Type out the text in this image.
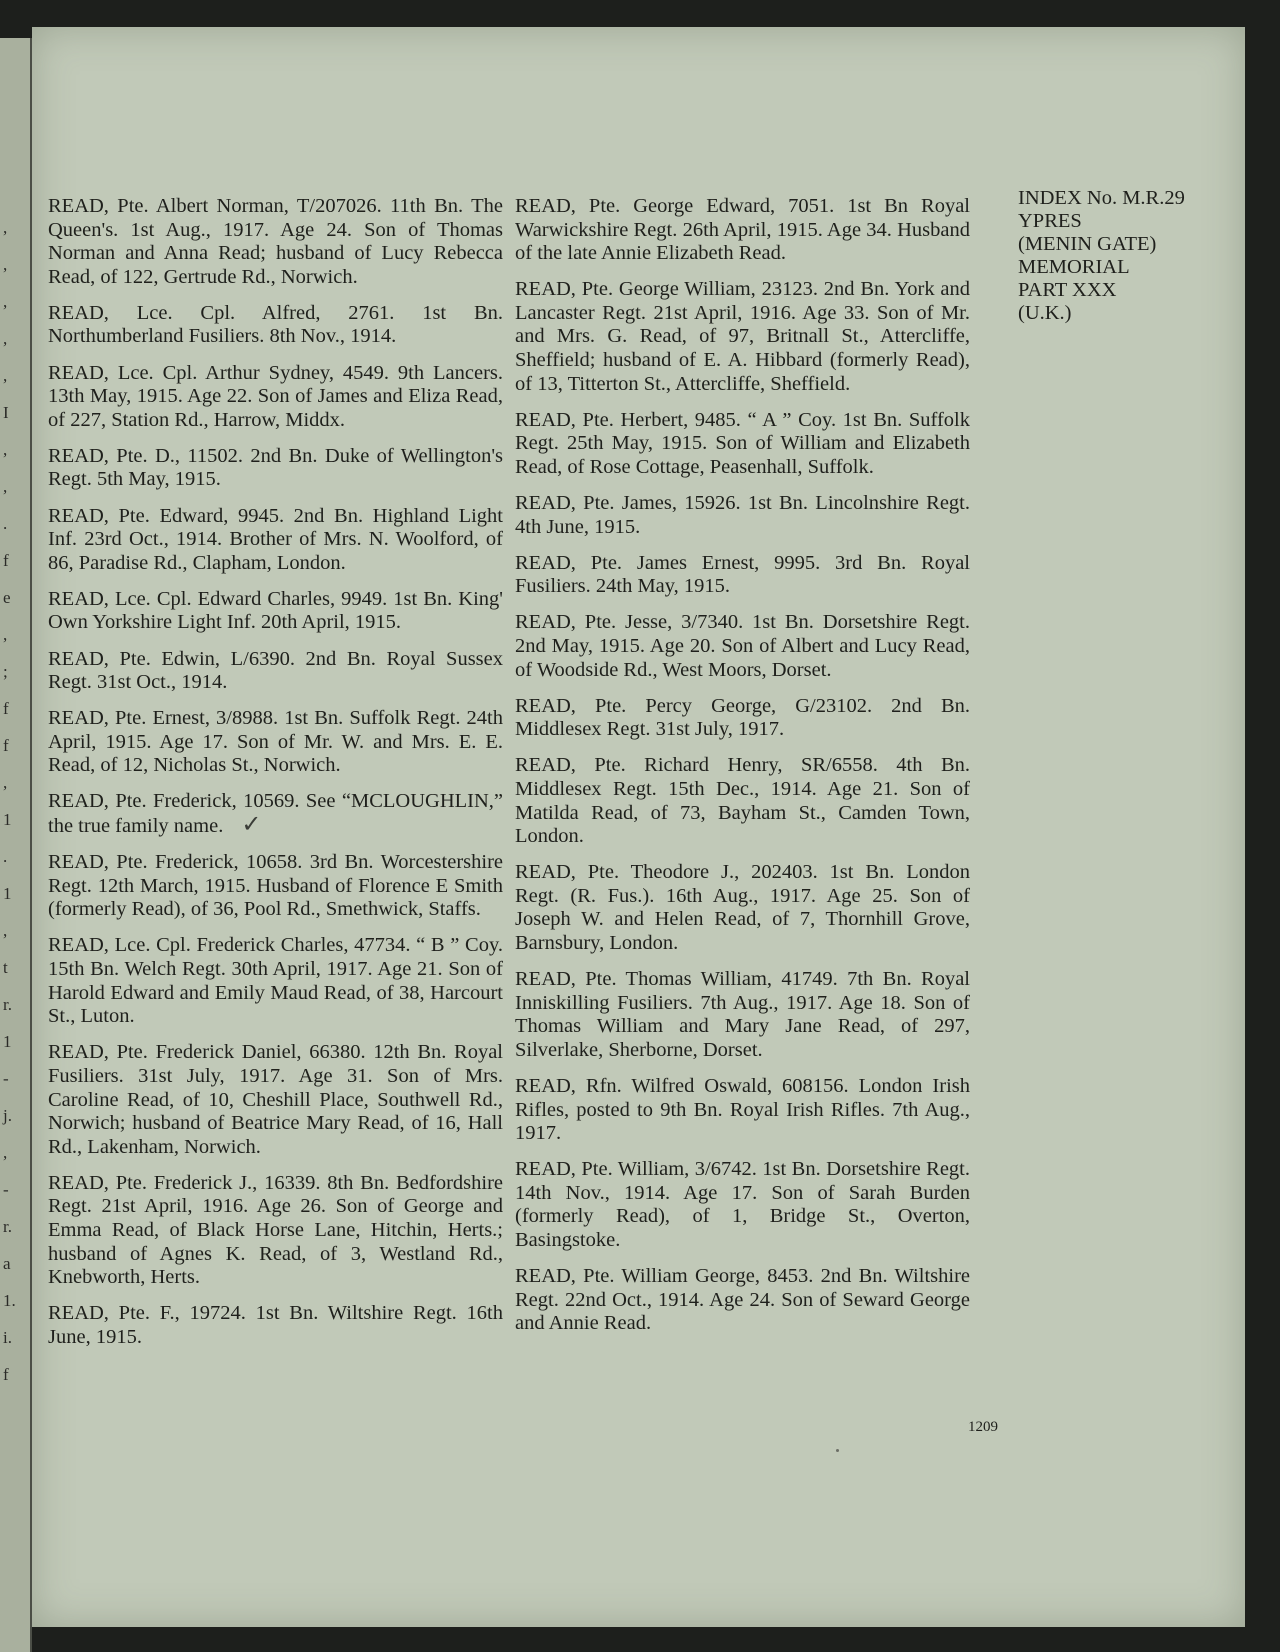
,
,
,
,
,
I
,
,
.
f
e
,
;
f
f
,
1
.
1
,
t
r.
1
-
j.
,
-
r.
a
1.
i.
f

READ, Pte. Albert Norman, T/207026. 11th Bn. The Queen's. 1st Aug., 1917. Age 24. Son of Thomas Norman and Anna Read; husband of Lucy Rebecca Read, of 122, Gertrude Rd., Norwich.

READ, Lce. Cpl. Alfred, 2761. 1st Bn. Northumberland Fusiliers. 8th Nov., 1914.

READ, Lce. Cpl. Arthur Sydney, 4549. 9th Lancers. 13th May, 1915. Age 22. Son of James and Eliza Read, of 227, Station Rd., Harrow, Middx.

READ, Pte. D., 11502. 2nd Bn. Duke of Wellington's Regt. 5th May, 1915.

READ, Pte. Edward, 9945. 2nd Bn. Highland Light Inf. 23rd Oct., 1914. Brother of Mrs. N. Woolford, of 86, Paradise Rd., Clapham, London.

READ, Lce. Cpl. Edward Charles, 9949. 1st Bn. King' Own Yorkshire Light Inf. 20th April, 1915.

READ, Pte. Edwin, L/6390. 2nd Bn. Royal Sussex Regt. 31st Oct., 1914.

READ, Pte. Ernest, 3/8988. 1st Bn. Suffolk Regt. 24th April, 1915. Age 17. Son of Mr. W. and Mrs. E. E. Read, of 12, Nicholas St., Norwich.

READ, Pte. Frederick, 10569. See “MCLOUGHLIN,” the true family name. ✓

READ, Pte. Frederick, 10658. 3rd Bn. Worcestershire Regt. 12th March, 1915. Husband of Florence E Smith (formerly Read), of 36, Pool Rd., Smethwick, Staffs.

READ, Lce. Cpl. Frederick Charles, 47734. “ B ” Coy. 15th Bn. Welch Regt. 30th April, 1917. Age 21. Son of Harold Edward and Emily Maud Read, of 38, Harcourt St., Luton.

READ, Pte. Frederick Daniel, 66380. 12th Bn. Royal Fusiliers. 31st July, 1917. Age 31. Son of Mrs. Caroline Read, of 10, Cheshill Place, Southwell Rd., Norwich; husband of Beatrice Mary Read, of 16, Hall Rd., Lakenham, Norwich.

READ, Pte. Frederick J., 16339. 8th Bn. Bedfordshire Regt. 21st April, 1916. Age 26. Son of George and Emma Read, of Black Horse Lane, Hitchin, Herts.; husband of Agnes K. Read, of 3, Westland Rd., Knebworth, Herts.

READ, Pte. F., 19724. 1st Bn. Wiltshire Regt. 16th June, 1915.

READ, Pte. George Edward, 7051. 1st Bn Royal Warwickshire Regt. 26th April, 1915. Age 34. Husband of the late Annie Elizabeth Read.

READ, Pte. George William, 23123. 2nd Bn. York and Lancaster Regt. 21st April, 1916. Age 33. Son of Mr. and Mrs. G. Read, of 97, Britnall St., Attercliffe, Sheffield; husband of E. A. Hibbard (formerly Read), of 13, Titterton St., Attercliffe, Sheffield.

READ, Pte. Herbert, 9485. “ A ” Coy. 1st Bn. Suffolk Regt. 25th May, 1915. Son of William and Elizabeth Read, of Rose Cottage, Peasenhall, Suffolk.

READ, Pte. James, 15926. 1st Bn. Lincolnshire Regt. 4th June, 1915.

READ, Pte. James Ernest, 9995. 3rd Bn. Royal Fusiliers. 24th May, 1915.

READ, Pte. Jesse, 3/7340. 1st Bn. Dorsetshire Regt. 2nd May, 1915. Age 20. Son of Albert and Lucy Read, of Woodside Rd., West Moors, Dorset.

READ, Pte. Percy George, G/23102. 2nd Bn. Middlesex Regt. 31st July, 1917.

READ, Pte. Richard Henry, SR/6558. 4th Bn. Middlesex Regt. 15th Dec., 1914. Age 21. Son of Matilda Read, of 73, Bayham St., Camden Town, London.

READ, Pte. Theodore J., 202403. 1st Bn. London Regt. (R. Fus.). 16th Aug., 1917. Age 25. Son of Joseph W. and Helen Read, of 7, Thornhill Grove, Barnsbury, London.

READ, Pte. Thomas William, 41749. 7th Bn. Royal Inniskilling Fusiliers. 7th Aug., 1917. Age 18. Son of Thomas William and Mary Jane Read, of 297, Silverlake, Sherborne, Dorset.

READ, Rfn. Wilfred Oswald, 608156. London Irish Rifles, posted to 9th Bn. Royal Irish Rifles. 7th Aug., 1917.

READ, Pte. William, 3/6742. 1st Bn. Dorsetshire Regt. 14th Nov., 1914. Age 17. Son of Sarah Burden (formerly Read), of 1, Bridge St., Overton, Basingstoke.

READ, Pte. William George, 8453. 2nd Bn. Wiltshire Regt. 22nd Oct., 1914. Age 24. Son of Seward George and Annie Read.

INDEX No. M.R.29
YPRES
(MENIN GATE)
MEMORIAL
PART XXX
(U.K.)
1209
